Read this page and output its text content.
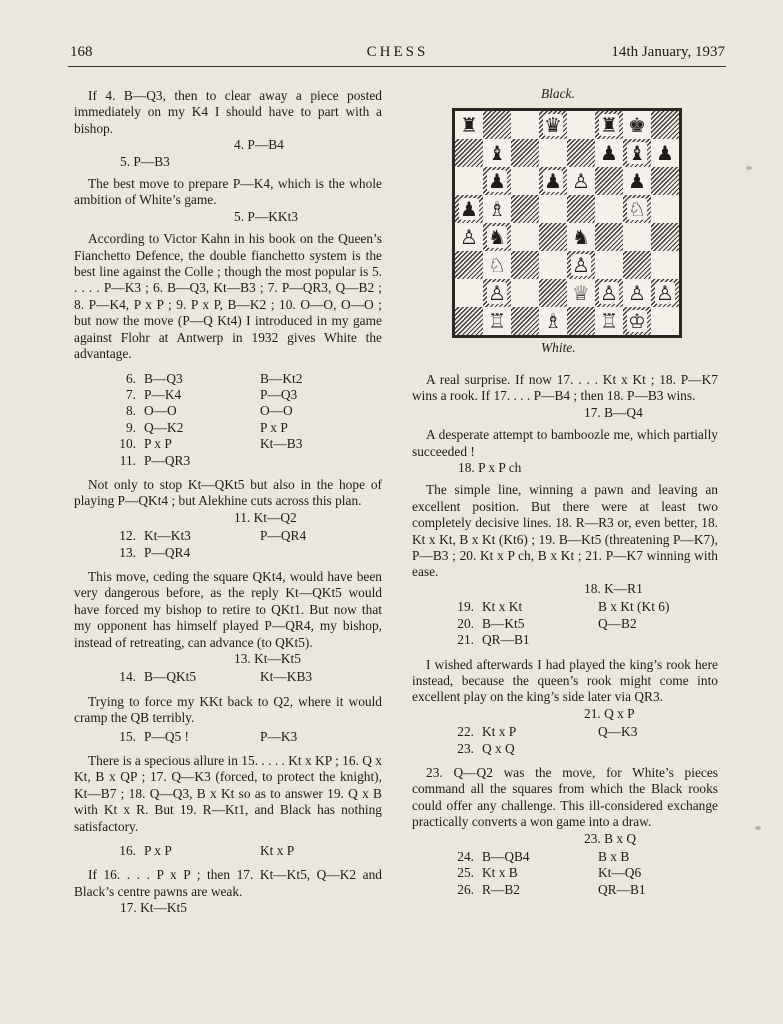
168	CHESS	14th January, 1937

If 4. B—Q3, then to clear away a piece posted immediately on my K4 I should have to part with a bishop.

4. P—B4
5. P—B3

The best move to prepare P—K4, which is the whole ambition of White’s game.

5. P—KKt3

According to Victor Kahn in his book on the Queen’s Fianchetto Defence, the double fianchetto system is the best line against the Colle ; though the most popular is 5. . . . . P—K3 ; 6. B—Q3, Kt—B3 ; 7. P—QR3, Q—B2 ; 8. P—K4, P x P ; 9. P x P, B—K2 ; 10. O—O, O—O ; but now the move (P—Q Kt4) I introduced in my game against Flohr at Antwerp in 1932 gives White the advantage.

6.	B—Q3	B—Kt2
7.	P—K4	P—Q3
8.	O—O	O—O
9.	Q—K2	P x P
10.	P x P	Kt—B3
11.	P—QR3	

Not only to stop Kt—QKt5 but also in the hope of playing P—QKt4 ; but Alekhine cuts across this plan.

11. Kt—Q2
12.	Kt—Kt3	P—QR4
13.	P—QR4	

This move, ceding the square QKt4, would have been very dangerous before, as the reply Kt—QKt5 would have forced my bishop to retire to QKt1. But now that my opponent has himself played P—QR4, my bishop, instead of retreating, can advance (to QKt5).

13. Kt—Kt5
14.	B—QKt5	Kt—KB3

Trying to force my KKt back to Q2, where it would cramp the QB terribly.

15.	P—Q5 !	P—K3

There is a specious allure in 15. . . . . Kt x KP ; 16. Q x Kt, B x QP ; 17. Q—K3 (forced, to protect the knight), Kt—B7 ; 18. Q—Q3, B x Kt so as to answer 19. Q x B with Kt x R. But 19. R—Kt1, and Black has nothing satisfactory.

16.	P x P	Kt x P

If 16. . . . P x P ; then 17. Kt—Kt5, Q—K2 and Black’s centre pawns are weak.

17. Kt—Kt5
Black.
♜	♛ ♜ ♚
♝	♟ ♝ ♟
♟ ♟ ♙ ♟
♟ ♗	♘
♙ ♞	♞
♘	♙
♙	♕ ♙ ♙ ♙
♖ ♗ ♖ ♔
White.

A real surprise. If now 17. . . . Kt x Kt ; 18. P—K7 wins a rook. If 17. . . . P—B4 ; then 18. P—B3 wins.

17. B—Q4

A desperate attempt to bamboozle me, which partially succeeded !

18. P x P ch

The simple line, winning a pawn and leaving an excellent position. But there were at least two completely decisive lines. 18. R—R3 or, even better, 18. Kt x Kt, B x Kt (Kt6) ; 19. B—Kt5 (threatening P—K7), P—B3 ; 20. Kt x P ch, B x Kt ; 21. P—K7 winning with ease.

18. K—R1
19.	Kt x Kt	B x Kt (Kt 6)
20.	B—Kt5	Q—B2
21.	QR—B1	

I wished afterwards I had played the king’s rook here instead, because the queen’s rook might come into excellent play on the king’s side later via QR3.

21. Q x P
22.	Kt x P	Q—K3
23.	Q x Q	

23. Q—Q2 was the move, for White’s pieces command all the squares from which the Black rooks could offer any challenge. This ill-considered exchange practically converts a won game into a draw.

23. B x Q
24.	B—QB4	B x B
25.	Kt x B	Kt—Q6
26.	R—B2	QR—B1
